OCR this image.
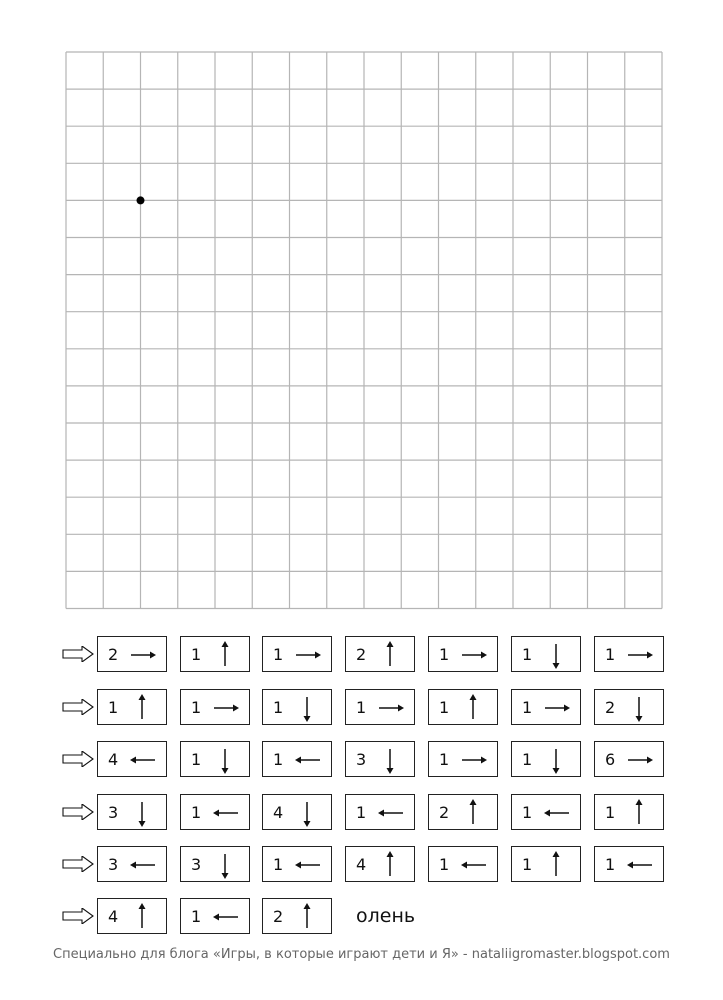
2	1	1	2	1	1	1
1	1	1	1	1	1	2
4	1	1	3	1	1	6
3	1	4	1	2	1	1
3	3	1	4	1	1	1
4	1	2	олень
Специально для блога «Игры, в которые играют дети и Я» - nataliigromaster.blogspot.com
